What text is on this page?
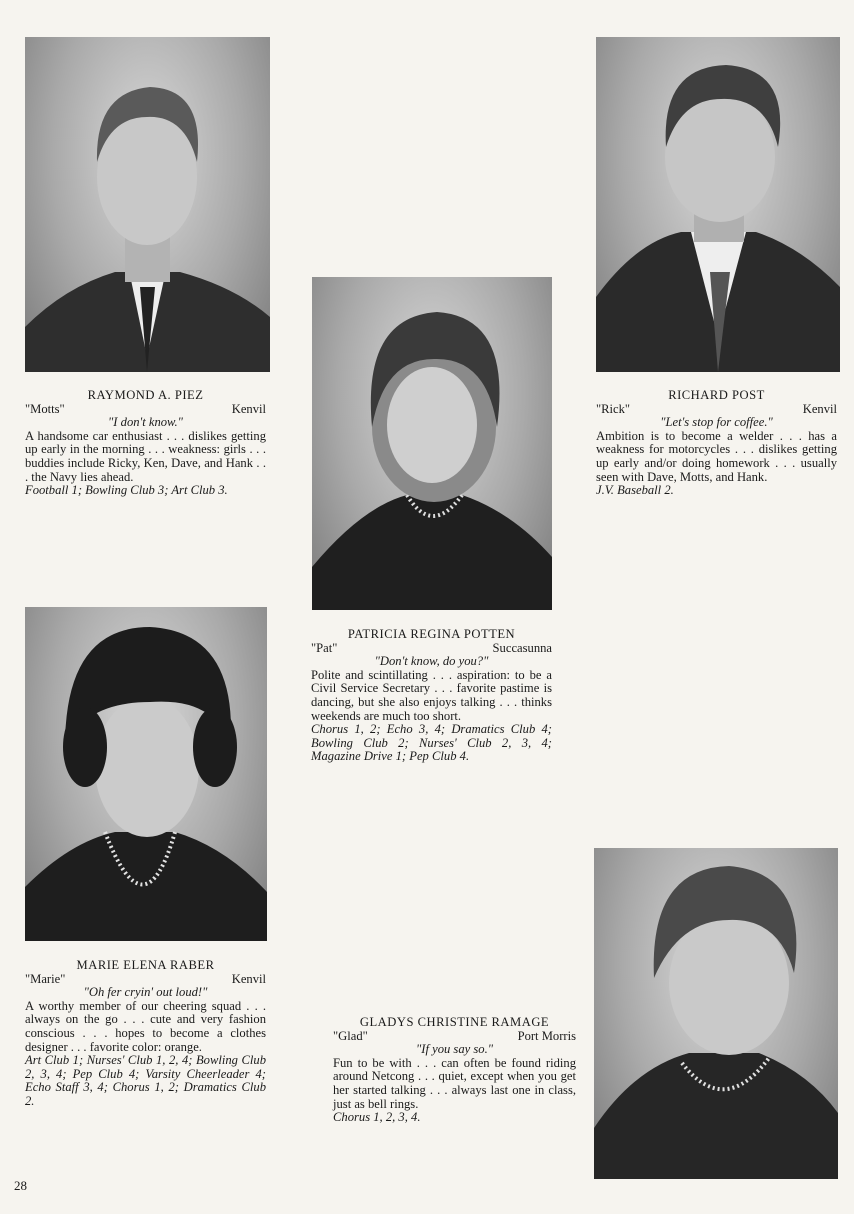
RAYMOND A. PIEZ
"Motts"	Kenvil
"I don't know."
A handsome car enthusiast . . . dislikes getting up early in the morning . . . weakness: girls . . . buddies include Ricky, Ken, Dave, and Hank . . . the Navy lies ahead.
Football 1; Bowling Club 3; Art Club 3.
RICHARD POST
"Rick"	Kenvil
"Let's stop for coffee."
Ambition is to become a welder . . . has a weakness for motorcycles . . . dislikes getting up early and/or doing homework . . . usually seen with Dave, Motts, and Hank.
J.V. Baseball 2.
PATRICIA REGINA POTTEN
"Pat"	Succasunna
"Don't know, do you?"
Polite and scintillating . . . aspiration: to be a Civil Service Secretary . . . favorite pastime is dancing, but she also enjoys talking . . . thinks weekends are much too short.
Chorus 1, 2; Echo 3, 4; Dramatics Club 4; Bowling Club 2; Nurses' Club 2, 3, 4; Magazine Drive 1; Pep Club 4.
MARIE ELENA RABER
"Marie"	Kenvil
"Oh fer cryin' out loud!"
A worthy member of our cheering squad . . . always on the go . . . cute and very fashion conscious . . . hopes to become a clothes designer . . . favorite color: orange.
Art Club 1; Nurses' Club 1, 2, 4; Bowling Club 2, 3, 4; Pep Club 4; Varsity Cheerleader 4; Echo Staff 3, 4; Chorus 1, 2; Dramatics Club 2.
GLADYS CHRISTINE RAMAGE
"Glad"	Port Morris
"If you say so."
Fun to be with . . . can often be found riding around Netcong . . . quiet, except when you get her started talking . . . always last one in class, just as bell rings.
Chorus 1, 2, 3, 4.
28
